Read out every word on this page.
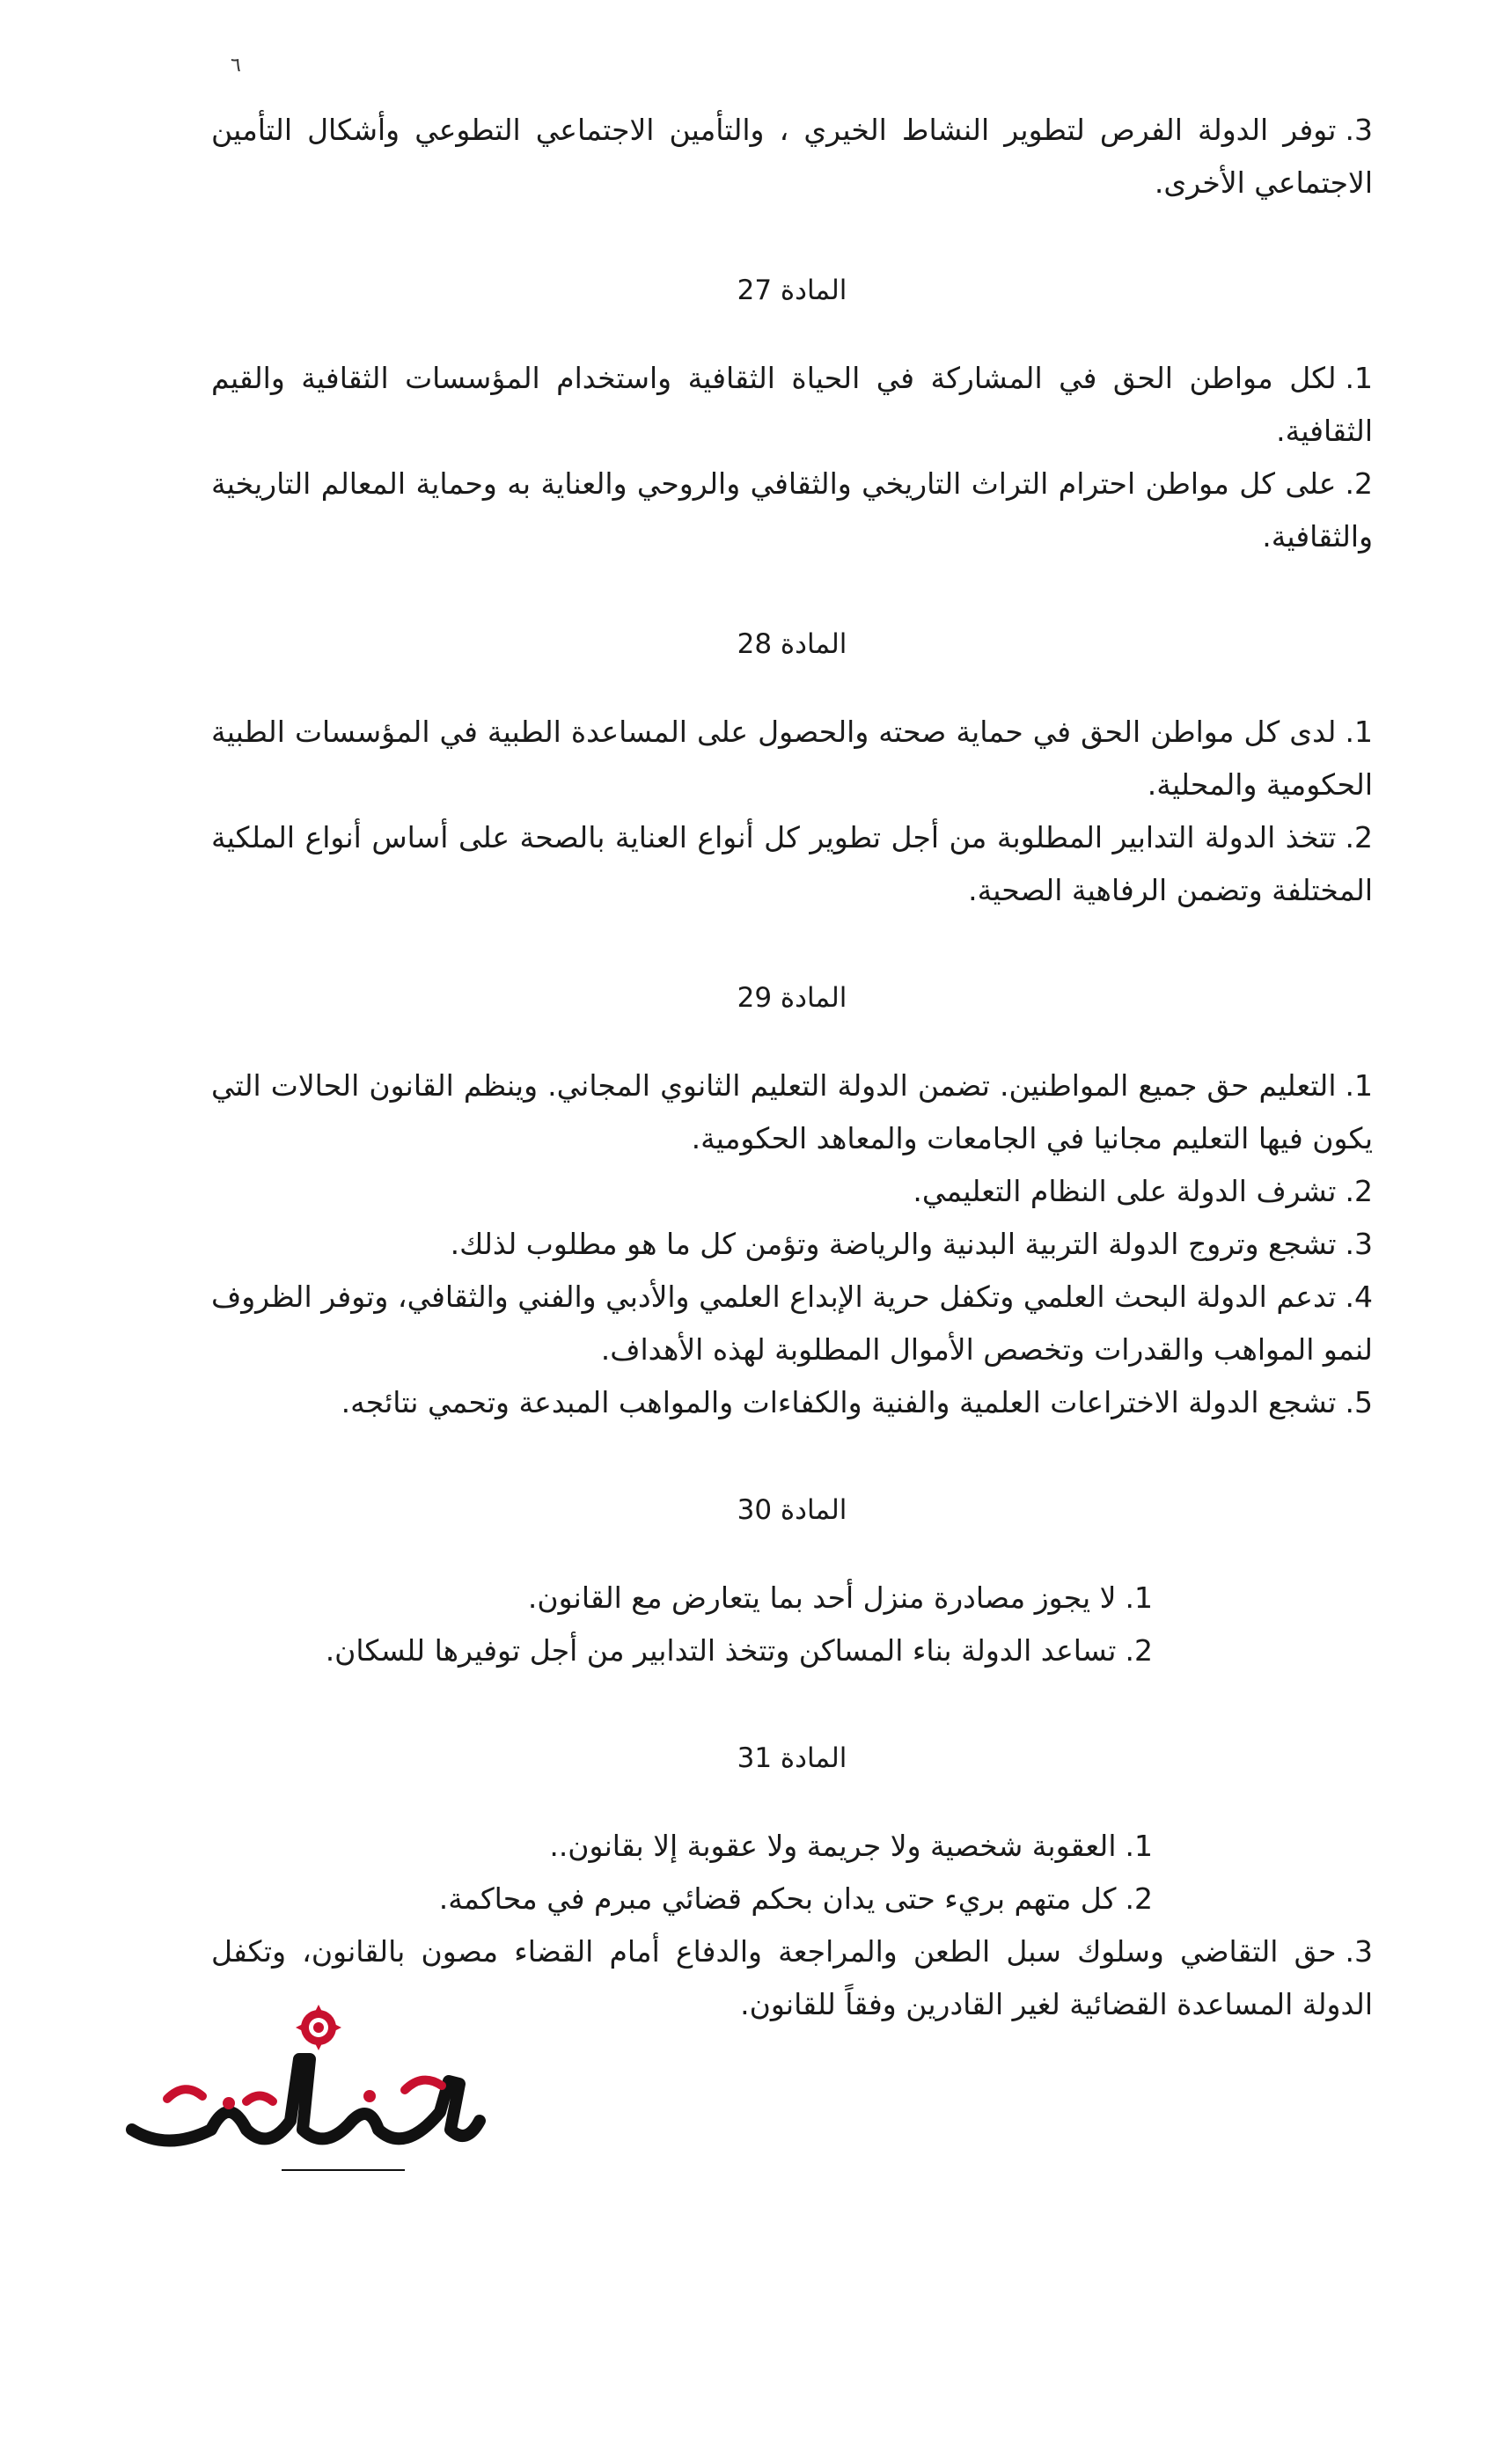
٦

3.توفر الدولة الفرص لتطوير النشاط الخيري ، والتأمين الاجتماعي التطوعي وأشكال التأمين الاجتماعي الأخرى.

المادة 27

1.لكل مواطن الحق في المشاركة في الحياة الثقافية واستخدام المؤسسات الثقافية والقيم الثقافية.

2.على كل مواطن احترام التراث التاريخي والثقافي والروحي والعناية به وحماية المعالم التاريخية والثقافية.

المادة 28

1.لدى كل مواطن الحق في حماية صحته والحصول على المساعدة الطبية في المؤسسات الطبية الحكومية والمحلية.

2.تتخذ الدولة التدابير المطلوبة من أجل تطوير كل أنواع العناية بالصحة على أساس أنواع الملكية المختلفة وتضمن الرفاهية الصحية.

المادة 29

1.التعليم حق جميع المواطنين. تضمن الدولة التعليم الثانوي المجاني. وينظم القانون الحالات التي يكون فيها التعليم مجانيا في الجامعات والمعاهد الحكومية.

2.تشرف الدولة على النظام التعليمي.

3.تشجع وتروج الدولة التربية البدنية والرياضة وتؤمن كل ما هو مطلوب لذلك.

4.تدعم الدولة البحث العلمي وتكفل حرية الإبداع العلمي والأدبي والفني والثقافي، وتوفر الظروف لنمو المواهب والقدرات وتخصص الأموال المطلوبة لهذه الأهداف.

5.تشجع الدولة الاختراعات العلمية والفنية والكفاءات والمواهب المبدعة وتحمي نتائجه.

المادة 30

1.لا يجوز مصادرة منزل أحد بما يتعارض مع القانون.

2.تساعد الدولة بناء المساكن وتتخذ التدابير من أجل توفيرها للسكان.

المادة 31

1.العقوبة شخصية ولا جريمة ولا عقوبة إلا بقانون..

2.كل متهم بريء حتى يدان بحكم قضائي مبرم في محاكمة.

3.حق التقاضي وسلوك سبل الطعن والمراجعة والدفاع أمام القضاء مصون بالقانون، وتكفل الدولة المساعدة القضائية لغير القادرين وفقاً للقانون.
